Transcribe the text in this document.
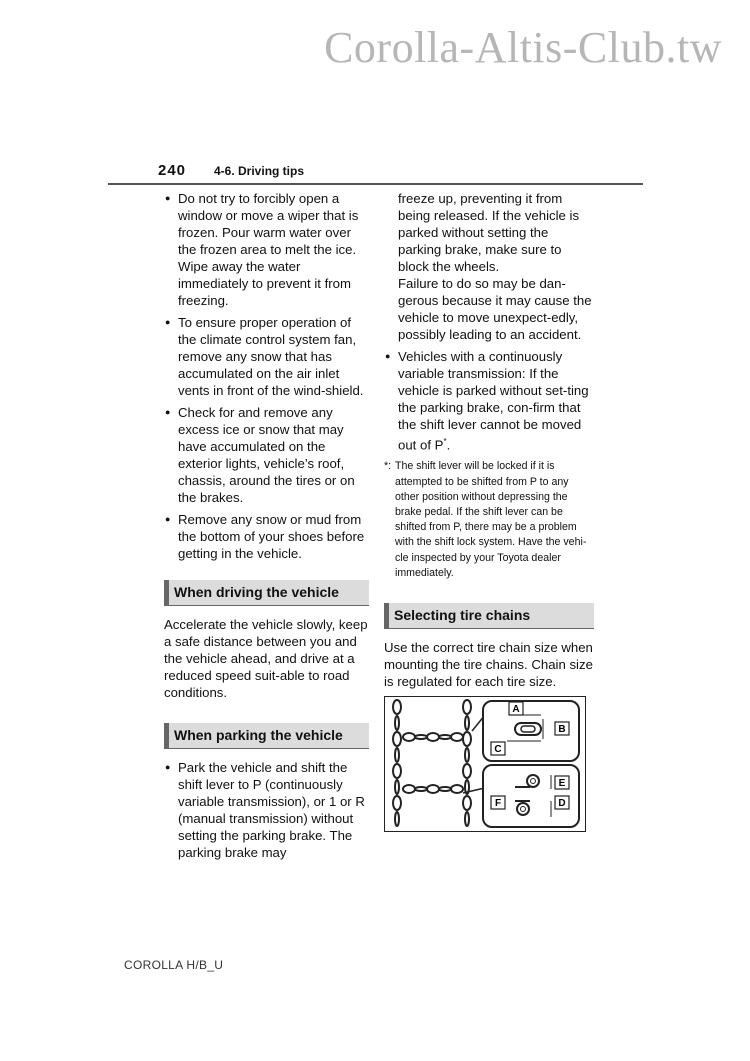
Corolla-Altis-Club.tw
240 4-6. Driving tips

● Do not try to forcibly open a window or move a wiper that is frozen. Pour warm water over the frozen area to melt the ice. Wipe away the water immediately to prevent it from freezing.

● To ensure proper operation of the climate control system fan, remove any snow that has accumulated on the air inlet vents in front of the wind-shield.

● Check for and remove any excess ice or snow that may have accumulated on the exterior lights, vehicle’s roof, chassis, around the tires or on the brakes.

● Remove any snow or mud from the bottom of your shoes before getting in the vehicle.

When driving the vehicle

Accelerate the vehicle slowly, keep a safe distance between you and the vehicle ahead, and drive at a reduced speed suit-able to road conditions.

When parking the vehicle

● Park the vehicle and shift the shift lever to P (continuously variable transmission), or 1 or R (manual transmission) without setting the parking brake. The parking brake may

freeze up, preventing it from being released. If the vehicle is parked without setting the parking brake, make sure to block the wheels.

Failure to do so may be dan-gerous because it may cause the vehicle to move unexpect-edly, possibly leading to an accident.

● Vehicles with a continuously variable transmission: If the vehicle is parked without set-ting the parking brake, con-firm that the shift lever cannot be moved out of P*.

*: The shift lever will be locked if it is attempted to be shifted from P to any other position without depressing the brake pedal. If the shift lever can be shifted from P, there may be a problem with the shift lock system. Have the vehi-cle inspected by your Toyota dealer immediately.
Selecting tire chains

Use the correct tire chain size when mounting the tire chains. Chain size is regulated for each tire size.

A
B
C
E
F	D
COROLLA H/B_U
